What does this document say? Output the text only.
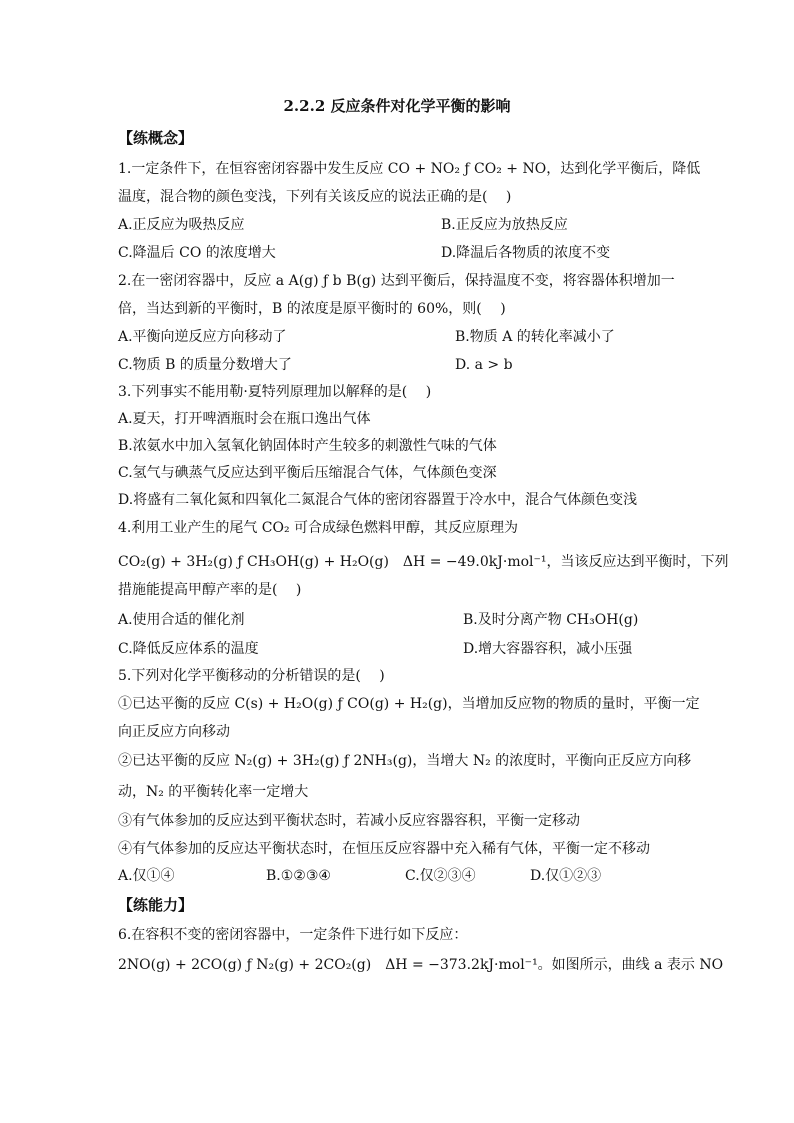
2.2.2 反应条件对化学平衡的影响
【练概念】
1.一定条件下，在恒容密闭容器中发生反应 CO + NO₂ ƒ CO₂ + NO，达到化学平衡后，降低
温度，混合物的颜色变浅，下列有关该反应的说法正确的是(　 )
A.正反应为吸热反应	B.正反应为放热反应
C.降温后 CO 的浓度增大	D.降温后各物质的浓度不变
2.在一密闭容器中，反应 a A(g) ƒ b B(g) 达到平衡后，保持温度不变，将容器体积增加一
倍，当达到新的平衡时，B 的浓度是原平衡时的 60%，则(　 )
A.平衡向逆反应方向移动了	B.物质 A 的转化率减小了
C.物质 B 的质量分数增大了	D. a > b
3.下列事实不能用勒·夏特列原理加以解释的是(　 )
A.夏天，打开啤酒瓶时会在瓶口逸出气体
B.浓氨水中加入氢氧化钠固体时产生较多的刺激性气味的气体
C.氢气与碘蒸气反应达到平衡后压缩混合气体，气体颜色变深
D.将盛有二氧化氮和四氧化二氮混合气体的密闭容器置于冷水中，混合气体颜色变浅
4.利用工业产生的尾气 CO₂ 可合成绿色燃料甲醇，其反应原理为
CO₂(g) + 3H₂(g) ƒ CH₃OH(g) + H₂O(g)　ΔH = −49.0kJ·mol⁻¹，当该反应达到平衡时，下列
措施能提高甲醇产率的是(　 )
A.使用合适的催化剂	B.及时分离产物 CH₃OH(g)
C.降低反应体系的温度	D.增大容器容积，减小压强
5.下列对化学平衡移动的分析错误的是(　 )
①已达平衡的反应 C(s) + H₂O(g) ƒ CO(g) + H₂(g)，当增加反应物的物质的量时，平衡一定
向正反应方向移动
②已达平衡的反应 N₂(g) + 3H₂(g) ƒ 2NH₃(g)，当增大 N₂ 的浓度时，平衡向正反应方向移
动，N₂ 的平衡转化率一定增大
③有气体参加的反应达到平衡状态时，若减小反应容器容积，平衡一定移动
④有气体参加的反应达平衡状态时，在恒压反应容器中充入稀有气体，平衡一定不移动
A.仅①④	B.①②③④	C.仅②③④	D.仅①②③
【练能力】
6.在容积不变的密闭容器中，一定条件下进行如下反应：
2NO(g) + 2CO(g) ƒ N₂(g) + 2CO₂(g)　ΔH = −373.2kJ·mol⁻¹。如图所示，曲线 a 表示 NO
